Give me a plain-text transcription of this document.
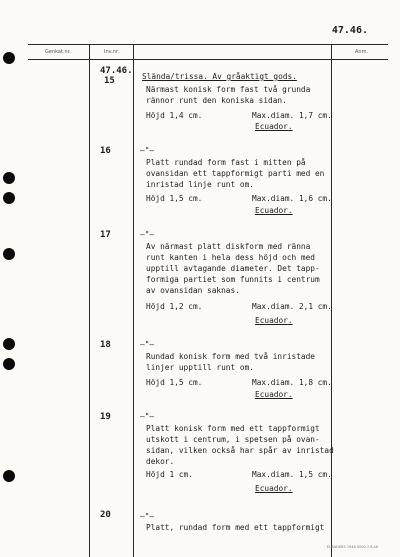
Genkat.nr.	Inv.nr.	Anm.
47.46.
47.46.
15	Slända/trissa. Av gråaktigt gods.
Närmast konisk form fast två grunda
rännor runt den koniska sidan.
Höjd 1,4 cm.	Max.diam. 1,7 cm.
Ecuador.
16	–"–
Platt rundad form fast i mitten på
ovansidan ett tappformigt parti med en
inristad linje runt om.
Höjd 1,5 cm.	Max.diam. 1,6 cm.
Ecuador.
17	–"–
Av närmast platt diskform med ränna
runt kanten i hela dess höjd och med
upptill avtagande diameter. Det tapp-
formiga partiet som funnits i centrum
av ovansidan saknas.
Höjd 1,2 cm.	Max.diam. 2,1 cm.
Ecuador.
18	–"–
Rundad konisk form med två inristade
linjer upptill runt om.
Höjd 1,5 cm.	Max.diam. 1,8 cm.
Ecuador.
19	–"–
Platt konisk form med ett tappformigt
utskott i centrum, i spetsen på ovan-
sidan, vilken också har spår av inristad
dekor.
Höjd 1 cm.	Max.diam. 1,5 cm.
Ecuador.
20	–"–
Platt, rundad form med ett tappformigt
ELANDERS 1946 5000 7.6.46
